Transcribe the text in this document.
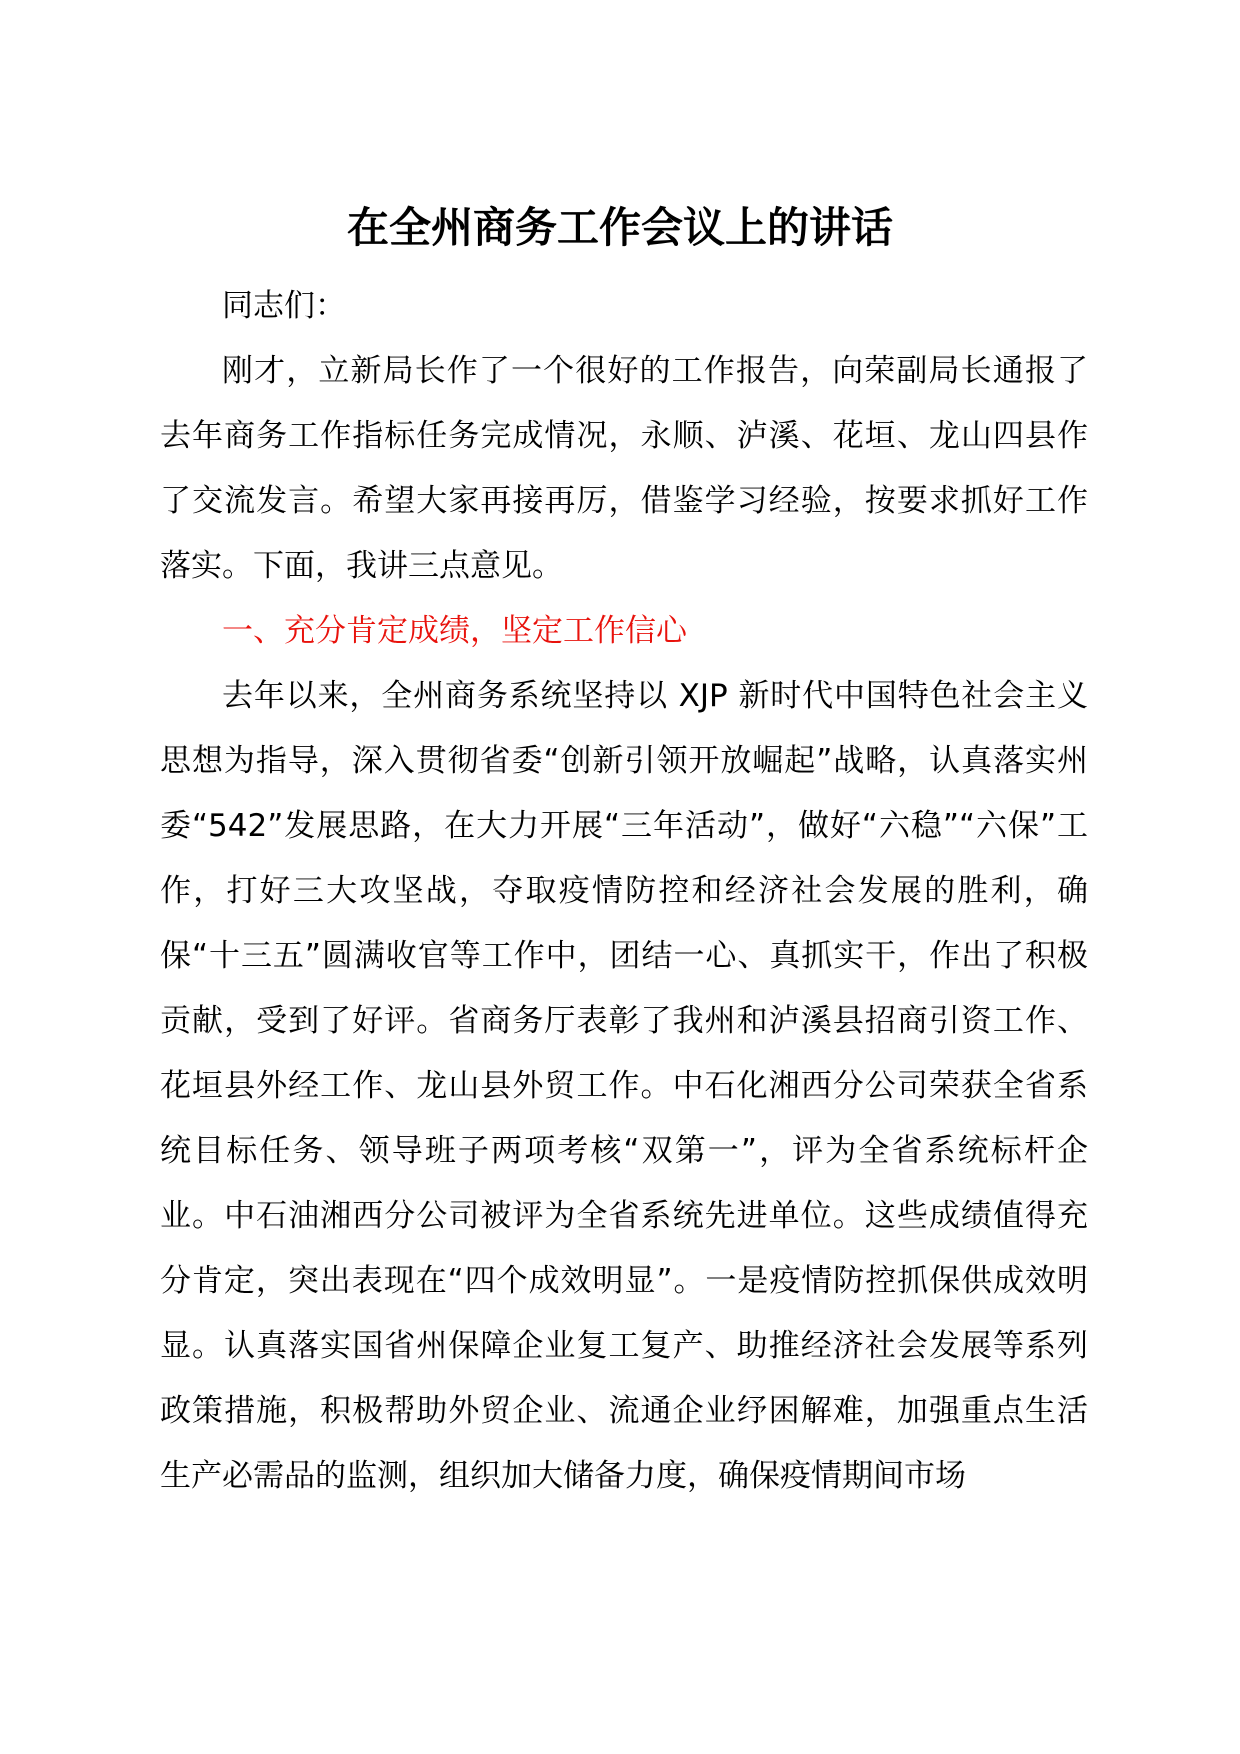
在全州商务工作会议上的讲话

同志们：

刚才，立新局长作了一个很好的工作报告，向荣副局长通报了去年商务工作指标任务完成情况，永顺、泸溪、花垣、龙山四县作了交流发言。希望大家再接再厉，借鉴学习经验，按要求抓好工作落实。下面，我讲三点意见。

一、充分肯定成绩，坚定工作信心

去年以来，全州商务系统坚持以 XJP 新时代中国特色社会主义思想为指导，深入贯彻省委“创新引领开放崛起”战略，认真落实州委“542”发展思路，在大力开展“三年活动”，做好“六稳”“六保”工作，打好三大攻坚战，夺取疫情防控和经济社会发展的胜利，确保“十三五”圆满收官等工作中，团结一心、真抓实干，作出了积极贡献，受到了好评。省商务厅表彰了我州和泸溪县招商引资工作、花垣县外经工作、龙山县外贸工作。中石化湘西分公司荣获全省系统目标任务、领导班子两项考核“双第一”，评为全省系统标杆企业。中石油湘西分公司被评为全省系统先进单位。这些成绩值得充分肯定，突出表现在“四个成效明显”。一是疫情防控抓保供成效明显。认真落实国省州保障企业复工复产、助推经济社会发展等系列政策措施，积极帮助外贸企业、流通企业纾困解难，加强重点生活生产必需品的监测，组织加大储备力度，确保疫情期间市场
